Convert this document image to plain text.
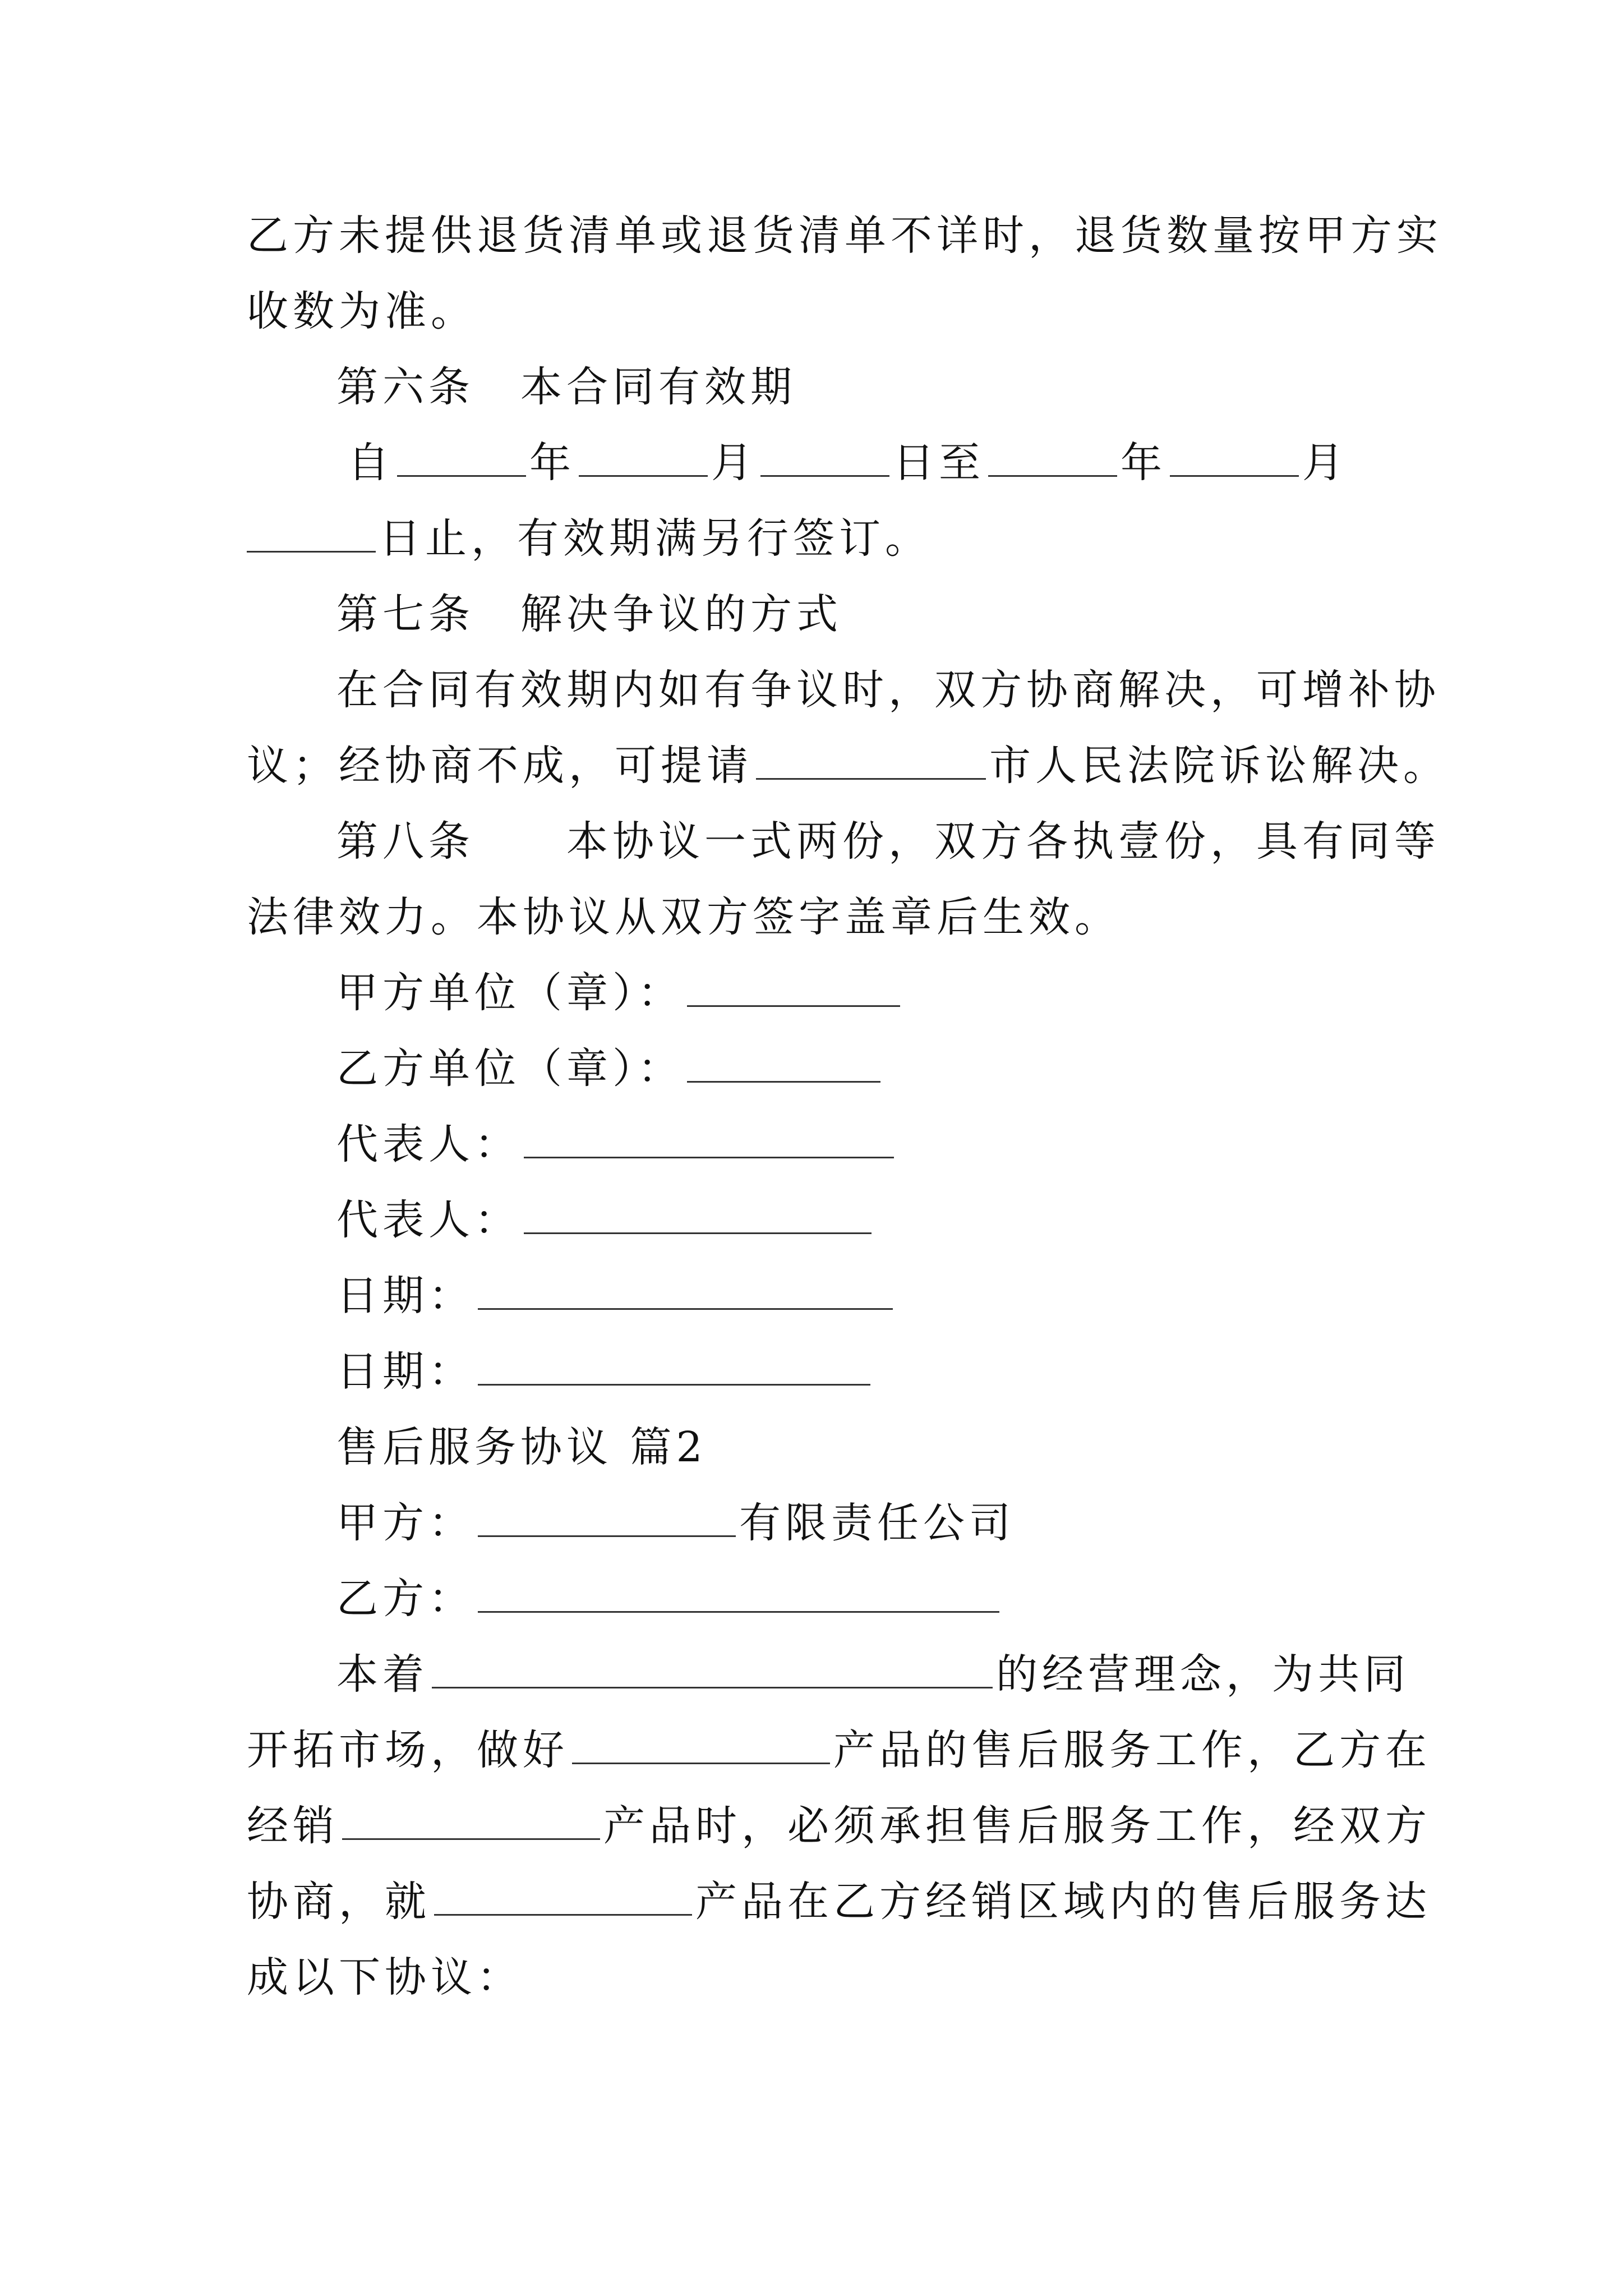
乙方未提供退货清单或退货清单不详时，退货数量按甲方实
收数为准。
第六条　本合同有效期
自	年	月	日至	年	月
日止，有效期满另行签订。
第七条　解决争议的方式
在合同有效期内如有争议时，双方协商解决，可增补协
议；经协商不成，可提请	市人民法院诉讼解决。
第八条　　本协议一式两份，双方各执壹份，具有同等
法律效力。本协议从双方签字盖章后生效。
甲方单位（章）：
乙方单位（章）：
代表人：
代表人：
日期：
日期：
售后服务协议 篇2
甲方：	有限责任公司
乙方：
本着	的经营理念，为共同
开拓市场，做好	产品的售后服务工作，乙方在
经销	产品时，必须承担售后服务工作，经双方
协商，就	产品在乙方经销区域内的售后服务达
成以下协议：
